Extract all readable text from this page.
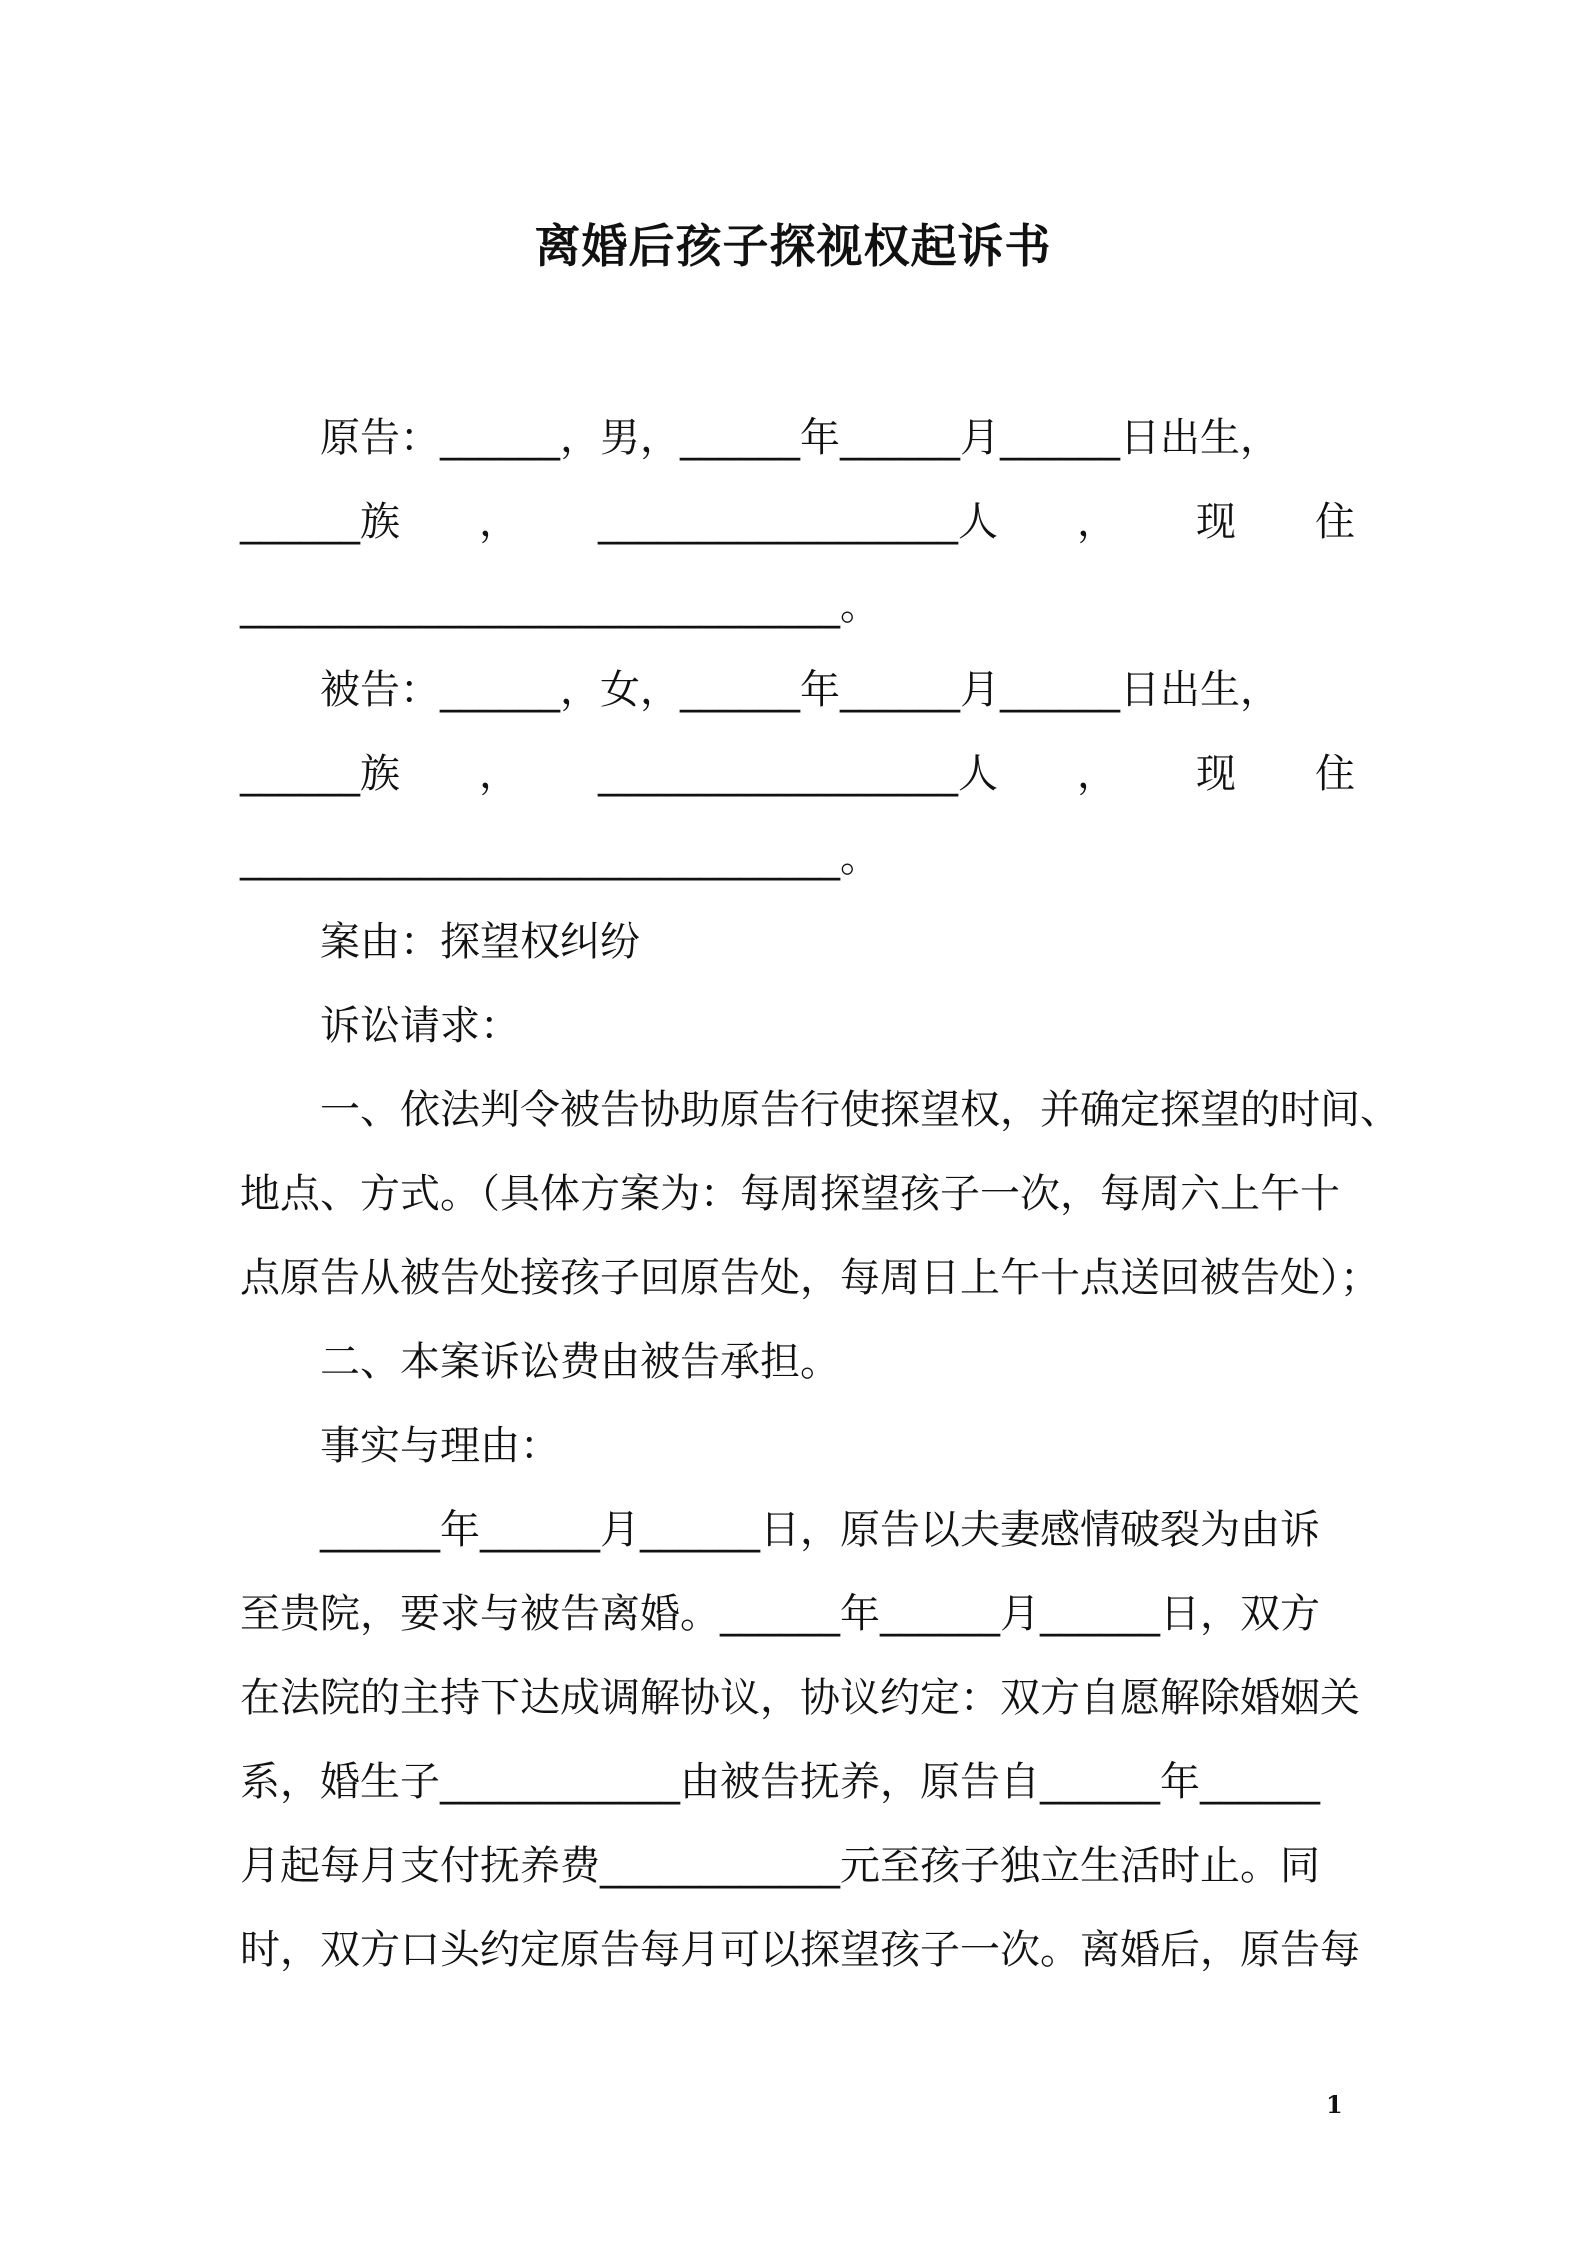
离婚后孩子探视权起诉书
原告：______，男，______年______月______日出生，
______族 ， __________________人 ， 现 住
______________________________。
被告：______，女，______年______月______日出生，
______族 ， __________________人 ， 现 住
______________________________。
案由：探望权纠纷
诉讼请求：
一、依法判令被告协助原告行使探望权，并确定探望的时间、
地点、方式。（具体方案为：每周探望孩子一次，每周六上午十
点原告从被告处接孩子回原告处，每周日上午十点送回被告处）；
二、本案诉讼费由被告承担。
事实与理由：
______年______月______日，原告以夫妻感情破裂为由诉
至贵院，要求与被告离婚。______年______月______日，双方
在法院的主持下达成调解协议，协议约定：双方自愿解除婚姻关
系，婚生子____________由被告抚养，原告自______年______
月起每月支付抚养费____________元至孩子独立生活时止。同
时，双方口头约定原告每月可以探望孩子一次。离婚后，原告每
1
